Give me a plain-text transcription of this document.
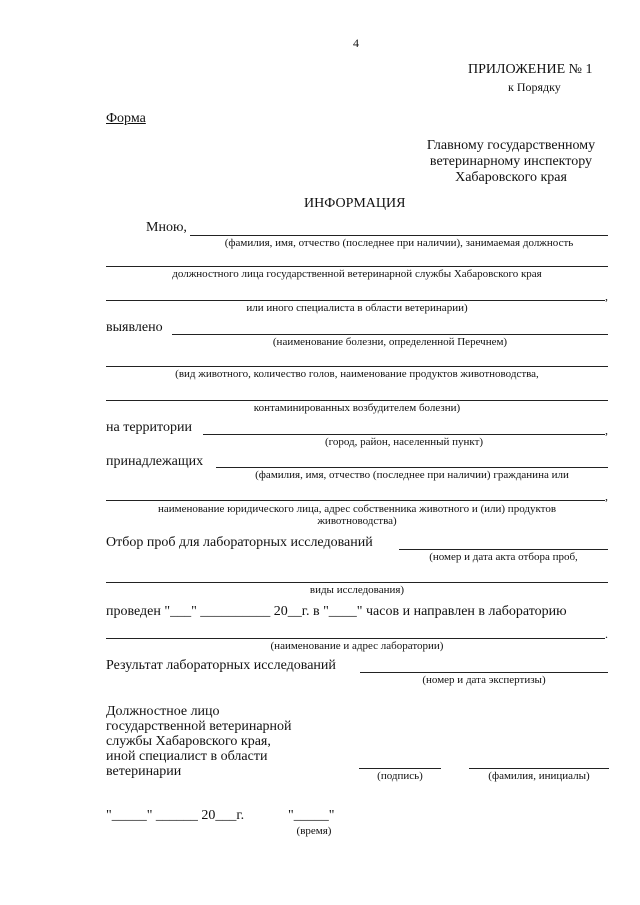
4
ПРИЛОЖЕНИЕ № 1
к Порядку
Форма
Главному государственному
ветеринарному инспектору
Хабаровского края
ИНФОРМАЦИЯ
Мною,
(фамилия, имя, отчество (последнее при наличии), занимаемая должность
должностного лица государственной ветеринарной службы Хабаровского края
,
или иного специалиста в области ветеринарии)
выявлено
(наименование болезни, определенной Перечнем)
(вид животного, количество голов, наименование продуктов животноводства,
контаминированных возбудителем болезни)
на территории	,
(город, район, населенный пункт)
принадлежащих
(фамилия, имя, отчество (последнее при наличии) гражданина или
,
наименование юридического лица, адрес собственника животного и (или) продуктов
животноводства)
Отбор проб для лабораторных исследований
(номер и дата акта отбора проб,
виды исследования)
проведен "___" __________ 20__г. в "____" часов и направлен в лабораторию
.
(наименование и адрес лаборатории)
Результат лабораторных исследований
(номер и дата экспертизы)
Должностное лицо
государственной ветеринарной
службы Хабаровского края,
иной специалист в области
ветеринарии	(подпись)	(фамилия, инициалы)
"_____" ______ 20___г.	"_____"
(время)
